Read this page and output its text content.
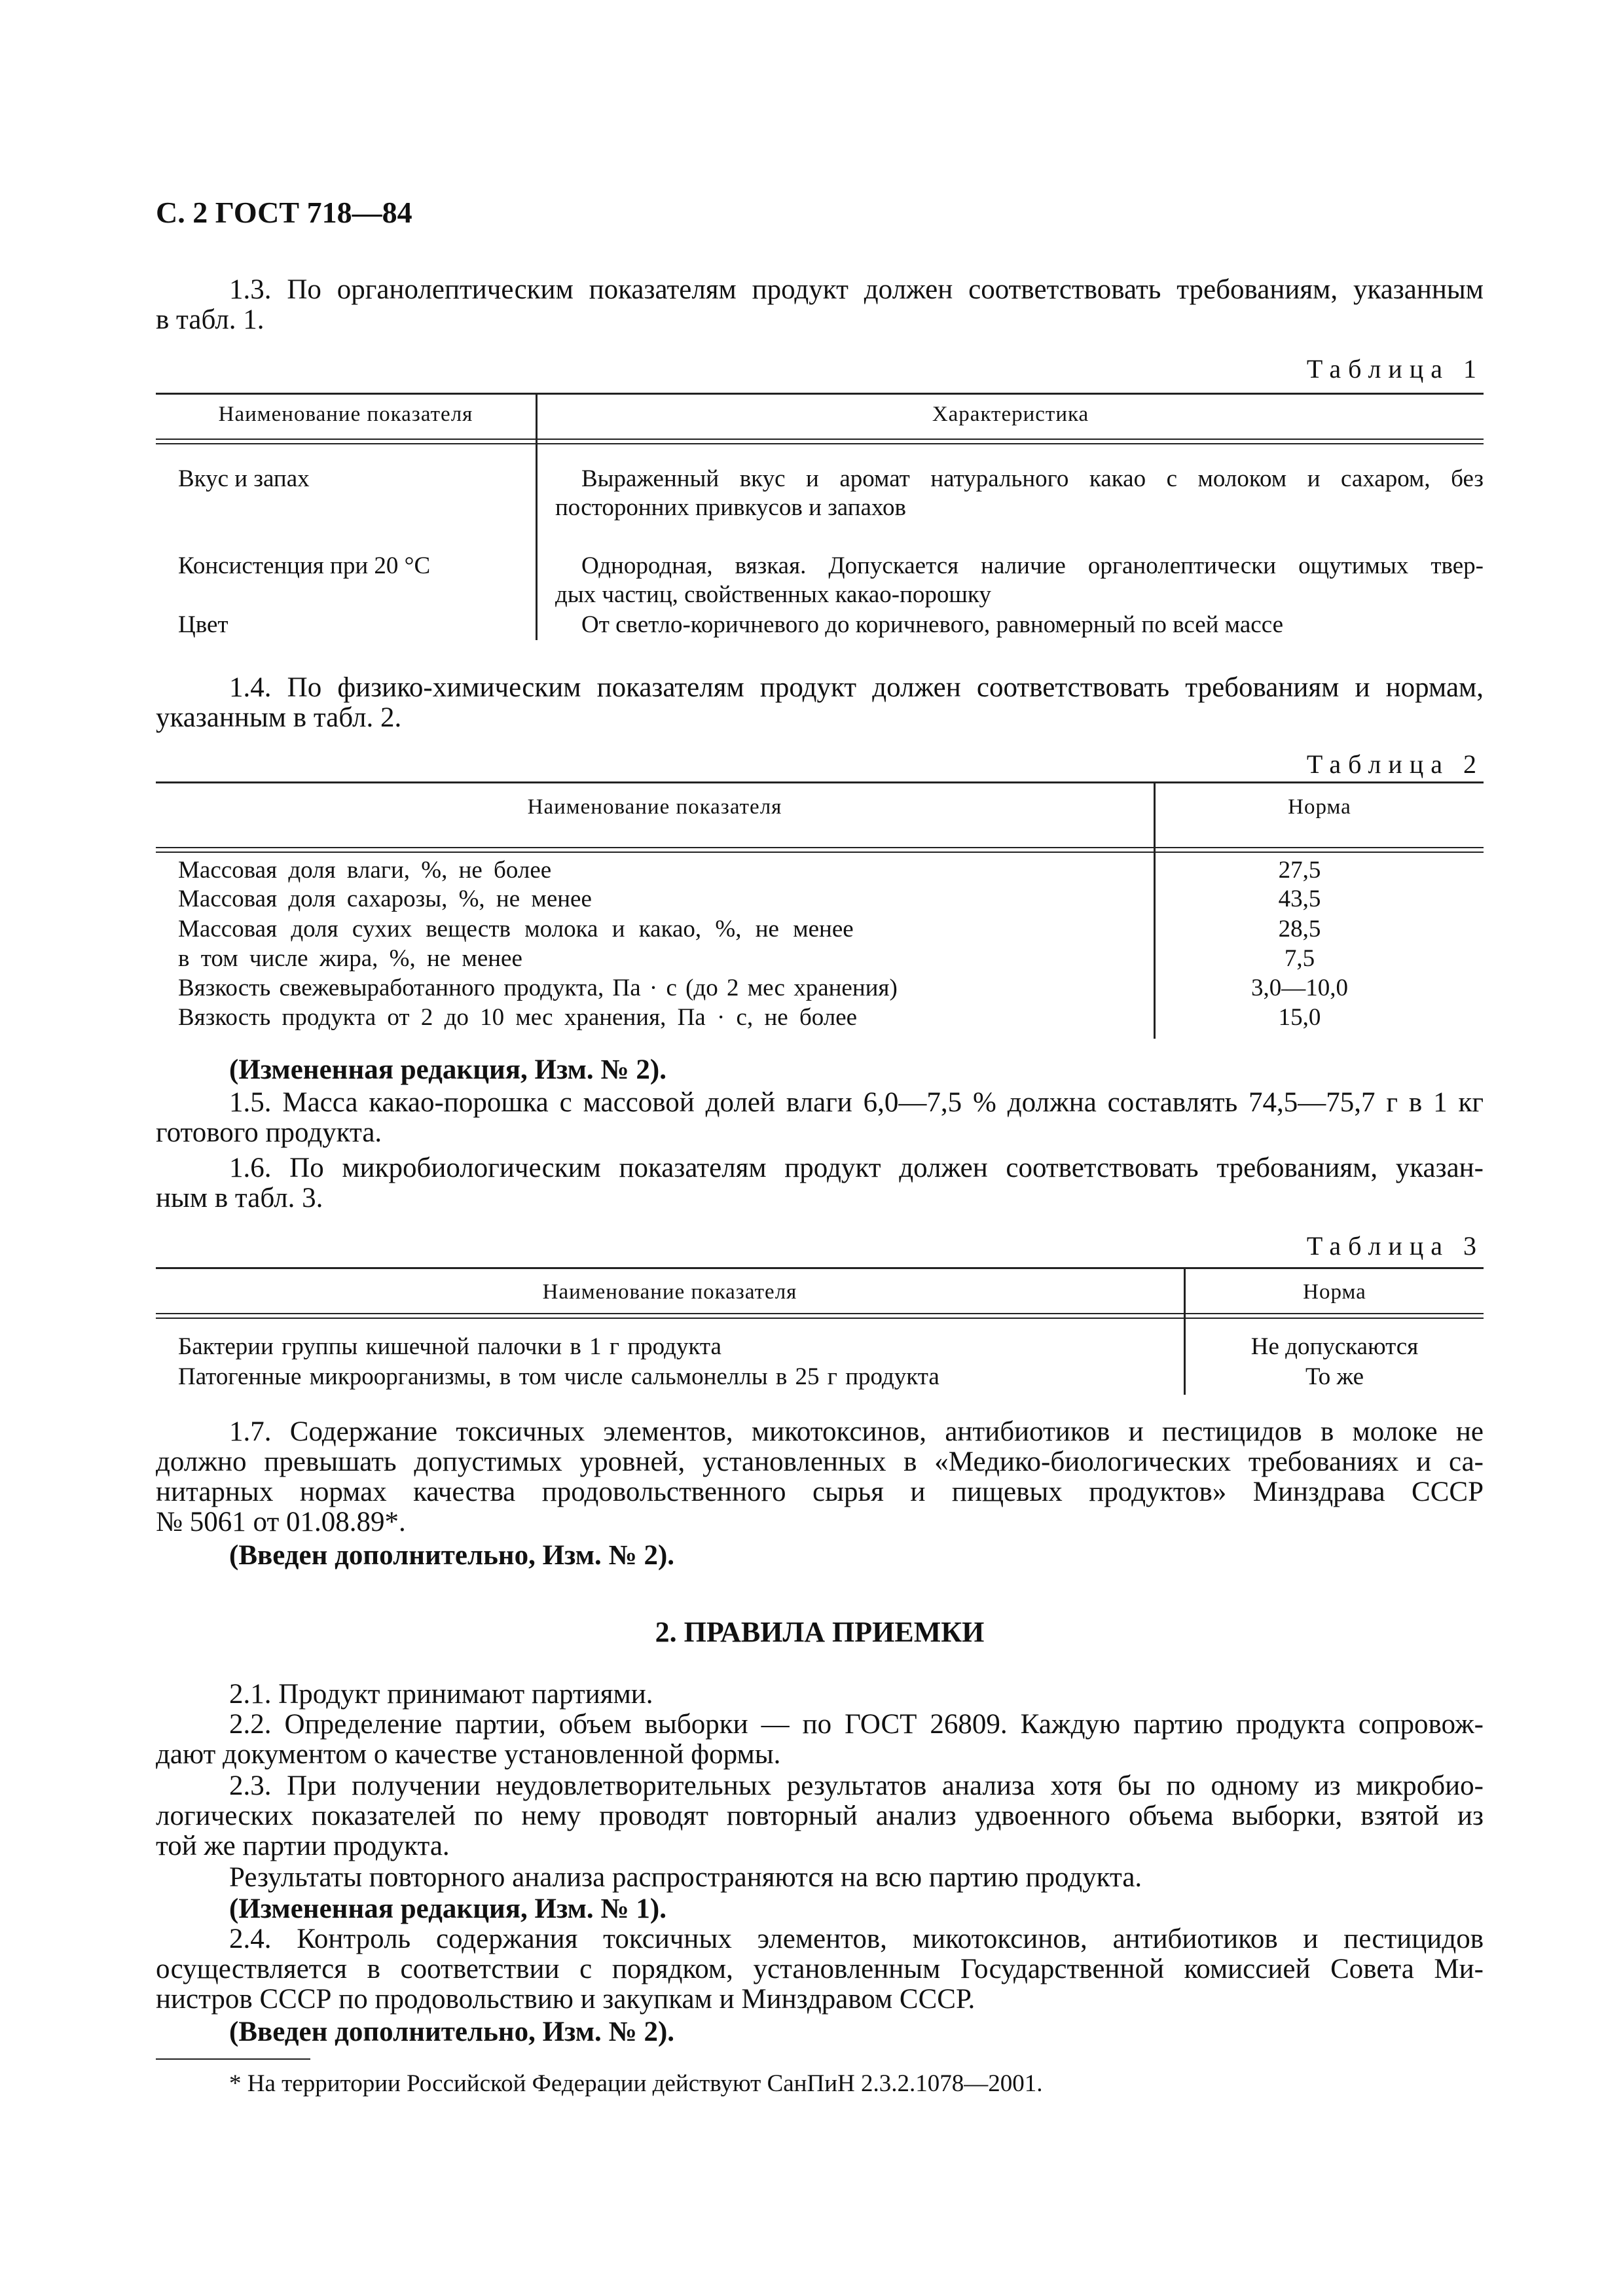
С. 2 ГОСТ 718—84
1.3. По органолептическим показателям продукт должен соответствовать требованиям, указанным
в табл. 1.
Таблица 1
Наименование показателя	Характеристика
Вкус и запах	Выраженный вкус и аромат натурального какао с молоком и сахаром, без
посторонних привкусов и запахов
Консистенция при 20 °С	Однородная, вязкая. Допускается наличие органолептически ощутимых твер-
дых частиц, свойственных какао-порошку
Цвет	От светло-коричневого до коричневого, равномерный по всей массе
1.4. По физико-химическим показателям продукт должен соответствовать требованиям и нормам,
указанным в табл. 2.
Таблица 2
Наименование показателя	Норма
Массовая доля влаги, %, не более	27,5
Массовая доля сахарозы, %, не менее	43,5
Массовая доля сухих веществ молока и какао, %, не менее	28,5
в том числе жира, %, не менее	7,5
Вязкость свежевыработанного продукта, Па · с (до 2 мес хранения)	3,0—10,0
Вязкость продукта от 2 до 10 мес хранения, Па · с, не более	15,0
(Измененная редакция, Изм. № 2).
1.5. Масса какао-порошка с массовой долей влаги 6,0—7,5 % должна составлять 74,5—75,7 г в 1 кг
готового продукта.
1.6. По микробиологическим показателям продукт должен соответствовать требованиям, указан-
ным в табл. 3.
Таблица 3
Наименование показателя	Норма
Бактерии группы кишечной палочки в 1 г продукта	Не допускаются
Патогенные микроорганизмы, в том числе сальмонеллы в 25 г продукта	То же
1.7. Содержание токсичных элементов, микотоксинов, антибиотиков и пестицидов в молоке не
должно превышать допустимых уровней, установленных в «Медико-биологических требованиях и са-
нитарных нормах качества продовольственного сырья и пищевых продуктов» Минздрава СССР
№ 5061 от 01.08.89*.
(Введен дополнительно, Изм. № 2).
2. ПРАВИЛА ПРИЕМКИ
2.1. Продукт принимают партиями.
2.2. Определение партии, объем выборки — по ГОСТ 26809. Каждую партию продукта сопровож-
дают документом о качестве установленной формы.
2.3. При получении неудовлетворительных результатов анализа хотя бы по одному из микробио-
логических показателей по нему проводят повторный анализ удвоенного объема выборки, взятой из
той же партии продукта.
Результаты повторного анализа распространяются на всю партию продукта.
(Измененная редакция, Изм. № 1).
2.4. Контроль содержания токсичных элементов, микотоксинов, антибиотиков и пестицидов
осуществляется в соответствии с порядком, установленным Государственной комиссией Совета Ми-
нистров СССР по продовольствию и закупкам и Минздравом СССР.
(Введен дополнительно, Изм. № 2).
* На территории Российской Федерации действуют СанПиН 2.3.2.1078—2001.
